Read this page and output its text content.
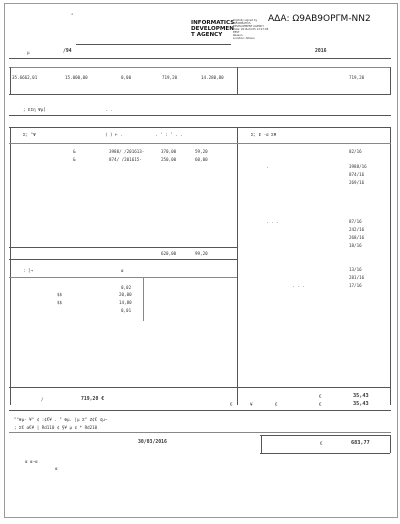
°	ΑΔΑ: Ω9ΑΒ9ΟΡΓΜ-NN2
INFORMATICS
DEVELOPMEN
T AGENCY
Digitally signed by
INFORMATICS
DEVELOPMENT AGENCY
Date: 2016.04.05 13:27:08
EEST
Reason:
Location: Athens
μ	/94	2016
35.6662,01	15.000,00	0,00	719,20	14.280,80	719,20
; ΕΙη Ψμ]	. .
Σ; °Ψ	( ) ⊢ .	. ' : ' . .	Σ; Ε -α ΣΨ
&	3988/ /201613-	370,00	59,20
&	874/ /201615-	250,00	60,00
82/16
.	3988/16
874/16
269/16
. . .	87/16
242/16
268/16
18/16
13/16
281/16
. . .	17/16
620,00	99,20
: [→	α
0,02
$$	20,00
$$	14,80
0,01
/	719,20 €
€	¥	€
€	35,43
€	35,43
"°θμ- ¥° ¢ :¢€¥ . " θμ. |μ Σ° Ζ¢€ ¢μ−
; Σ€ α€¥ | Rd110 ¢ §¥ μ ¢ * Rd210
30/03/2016	€	683,77
α α−α
α
